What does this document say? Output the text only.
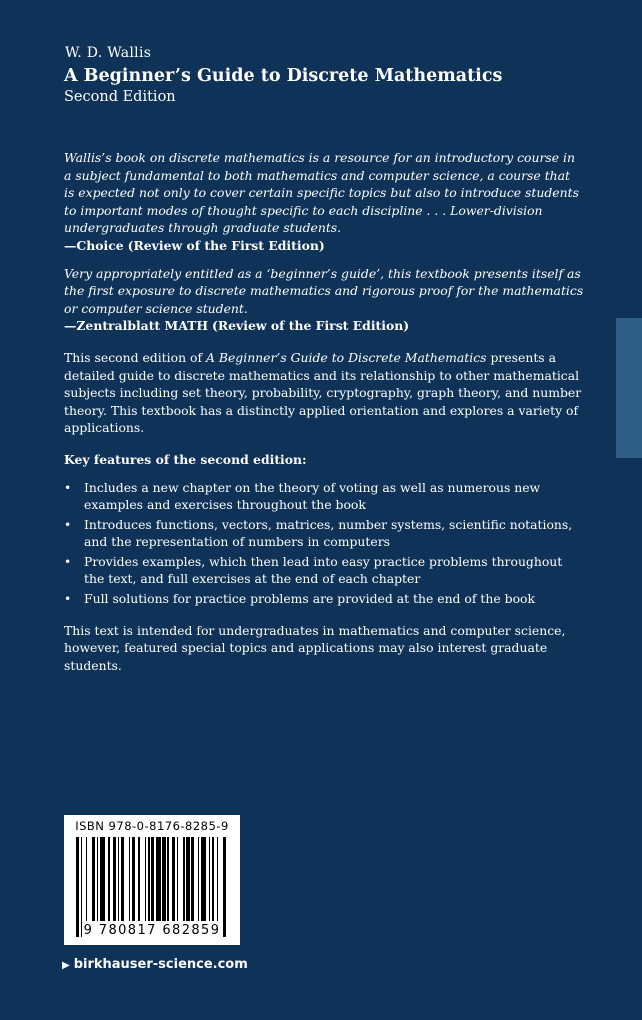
W. D. Wallis
A Beginner’s Guide to Discrete Mathematics
Second Edition
Wallis’s book on discrete mathematics is a resource for an introductory course in a subject fundamental to both mathematics and computer science, a course that is expected not only to cover certain specific topics but also to introduce students to important modes of thought specific to each discipline . . . Lower-division undergraduates through graduate students.
—Choice (Review of the First Edition)
Very appropriately entitled as a ‘beginner’s guide’, this textbook presents itself as the first exposure to discrete mathematics and rigorous proof for the mathematics or computer science student.
—Zentralblatt MATH (Review of the First Edition)

This second edition of A Beginner’s Guide to Discrete Mathematics presents a detailed guide to discrete mathematics and its relationship to other mathematical subjects including set theory, probability, cryptography, graph theory, and number theory. This textbook has a distinctly applied orientation and explores a variety of applications.

Key features of the second edition:
• Includes a new chapter on the theory of voting as well as numerous new examples and exercises throughout the book
• Introduces functions, vectors, matrices, number systems, scientific notations, and the representation of numbers in computers
• Provides examples, which then lead into easy practice problems throughout the text, and full exercises at the end of each chapter
• Full solutions for practice problems are provided at the end of the book

This text is intended for undergraduates in mathematics and computer science, however, featured special topics and applications may also interest graduate students.

ISBN 978-0-8176-8285-9
9 780817 682859
▶ birkhauser-science.com
